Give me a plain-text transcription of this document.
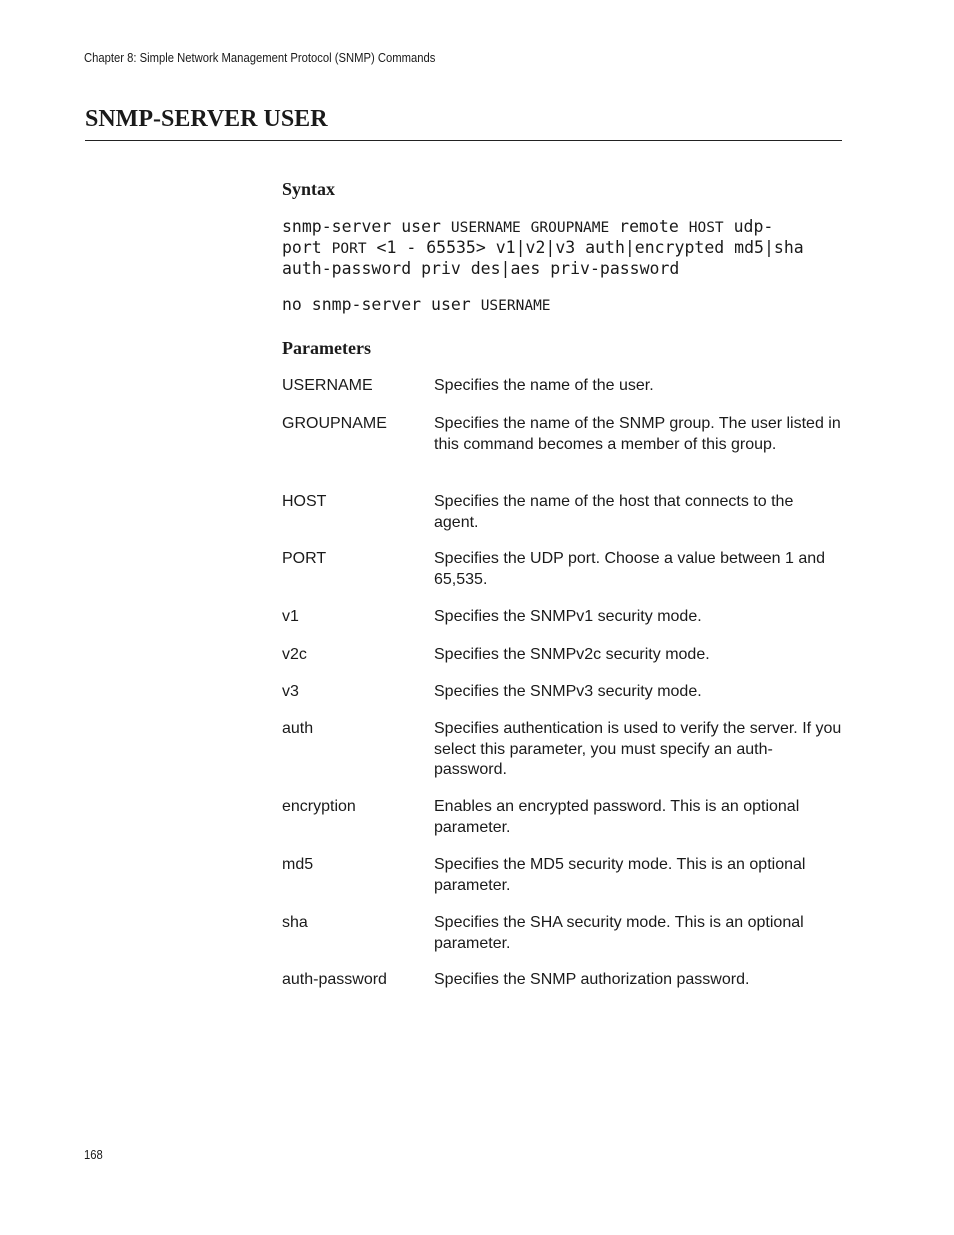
Chapter 8: Simple Network Management Protocol (SNMP) Commands
SNMP-SERVER USER
Syntax
snmp-server user USERNAME GROUPNAME remote HOST udp-
port PORT <1 - 65535> v1|v2|v3 auth|encrypted md5|sha
auth-password priv des|aes priv-password
no snmp-server user USERNAME
Parameters
USERNAME	Specifies the name of the user.
GROUPNAME	Specifies the name of the SNMP group. The user listed in this command becomes a member of this group.
HOST	Specifies the name of the host that connects to the agent.
PORT	Specifies the UDP port. Choose a value between 1 and 65,535.
v1	Specifies the SNMPv1 security mode.
v2c	Specifies the SNMPv2c security mode.
v3	Specifies the SNMPv3 security mode.
auth	Specifies authentication is used to verify the server. If you select this parameter, you must specify an auth-password.
encryption	Enables an encrypted password. This is an optional parameter.
md5	Specifies the MD5 security mode. This is an optional parameter.
sha	Specifies the SHA security mode. This is an optional parameter.
auth-password	Specifies the SNMP authorization password.
168
